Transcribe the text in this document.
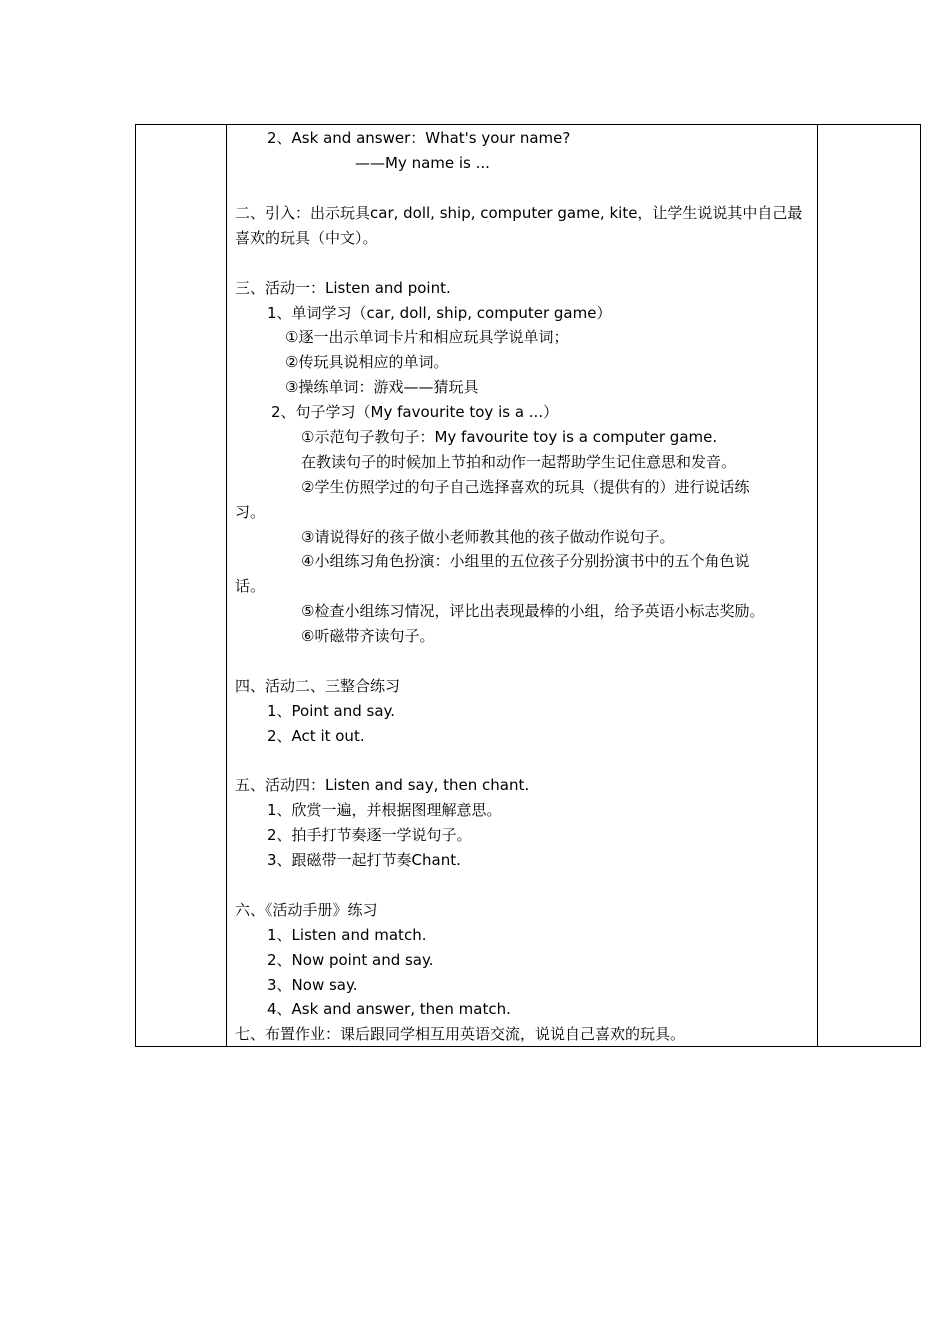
2、Ask and answer：What's your name?
——My name is ...
二、引入：出示玩具car, doll, ship, computer game, kite，让学生说说其中自己最
喜欢的玩具（中文）。
三、活动一：Listen and point.
1、单词学习（car, doll, ship, computer game）
①逐一出示单词卡片和相应玩具学说单词；
②传玩具说相应的单词。
③操练单词：游戏——猜玩具
2、句子学习（My favourite toy is a ...）
①示范句子教句子：My favourite toy is a computer game.
在教读句子的时候加上节拍和动作一起帮助学生记住意思和发音。
②学生仿照学过的句子自己选择喜欢的玩具（提供有的）进行说话练
习。
③请说得好的孩子做小老师教其他的孩子做动作说句子。
④小组练习角色扮演：小组里的五位孩子分别扮演书中的五个角色说
话。
⑤检查小组练习情况，评比出表现最棒的小组，给予英语小标志奖励。
⑥听磁带齐读句子。
四、活动二、三整合练习
1、Point and say.
2、Act it out.
五、活动四：Listen and say, then chant.
1、欣赏一遍，并根据图理解意思。
2、拍手打节奏逐一学说句子。
3、跟磁带一起打节奏Chant.
六、《活动手册》练习
1、Listen and match.
2、Now point and say.
3、Now say.
4、Ask and answer, then match.
七、布置作业：课后跟同学相互用英语交流，说说自己喜欢的玩具。
